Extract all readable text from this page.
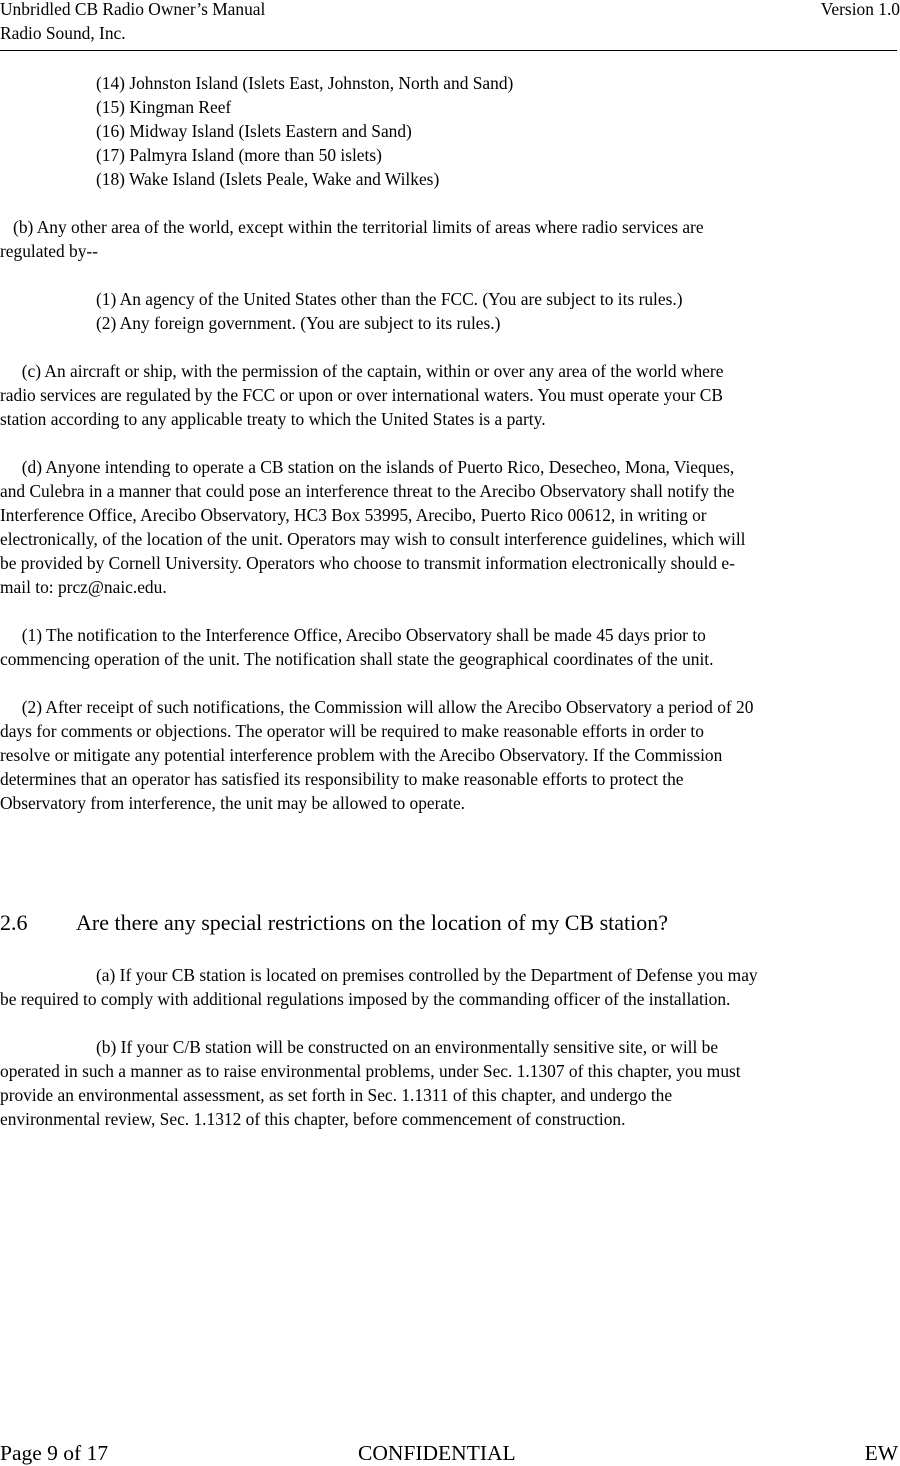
Unbridled CB Radio Owner’s Manual	Version 1.0
Radio Sound, Inc.
(14) Johnston Island (Islets East, Johnston, North and Sand)
(15) Kingman Reef
(16) Midway Island (Islets Eastern and Sand)
(17) Palmyra Island (more than 50 islets)
(18) Wake Island (Islets Peale, Wake and Wilkes)
(b) Any other area of the world, except within the territorial limits of areas where radio services are
regulated by--
(1) An agency of the United States other than the FCC. (You are subject to its rules.)
(2) Any foreign government. (You are subject to its rules.)
(c) An aircraft or ship, with the permission of the captain, within or over any area of the world where
radio services are regulated by the FCC or upon or over international waters. You must operate your CB
station according to any applicable treaty to which the United States is a party.
(d) Anyone intending to operate a CB station on the islands of Puerto Rico, Desecheo, Mona, Vieques,
and Culebra in a manner that could pose an interference threat to the Arecibo Observatory shall notify the
Interference Office, Arecibo Observatory, HC3 Box 53995, Arecibo, Puerto Rico 00612, in writing or
electronically, of the location of the unit. Operators may wish to consult interference guidelines, which will
be provided by Cornell University. Operators who choose to transmit information electronically should e-
mail to: prcz@naic.edu.
(1) The notification to the Interference Office, Arecibo Observatory shall be made 45 days prior to
commencing operation of the unit. The notification shall state the geographical coordinates of the unit.
(2) After receipt of such notifications, the Commission will allow the Arecibo Observatory a period of 20
days for comments or objections. The operator will be required to make reasonable efforts in order to
resolve or mitigate any potential interference problem with the Arecibo Observatory. If the Commission
determines that an operator has satisfied its responsibility to make reasonable efforts to protect the
Observatory from interference, the unit may be allowed to operate.
2.6 Are there any special restrictions on the location of my CB station?
(a) If your CB station is located on premises controlled by the Department of Defense you may
be required to comply with additional regulations imposed by the commanding officer of the installation.
(b) If your C/B station will be constructed on an environmentally sensitive site, or will be
operated in such a manner as to raise environmental problems, under Sec. 1.1307 of this chapter, you must
provide an environmental assessment, as set forth in Sec. 1.1311 of this chapter, and undergo the
environmental review, Sec. 1.1312 of this chapter, before commencement of construction.
Page 9 of 17	CONFIDENTIAL	EW
